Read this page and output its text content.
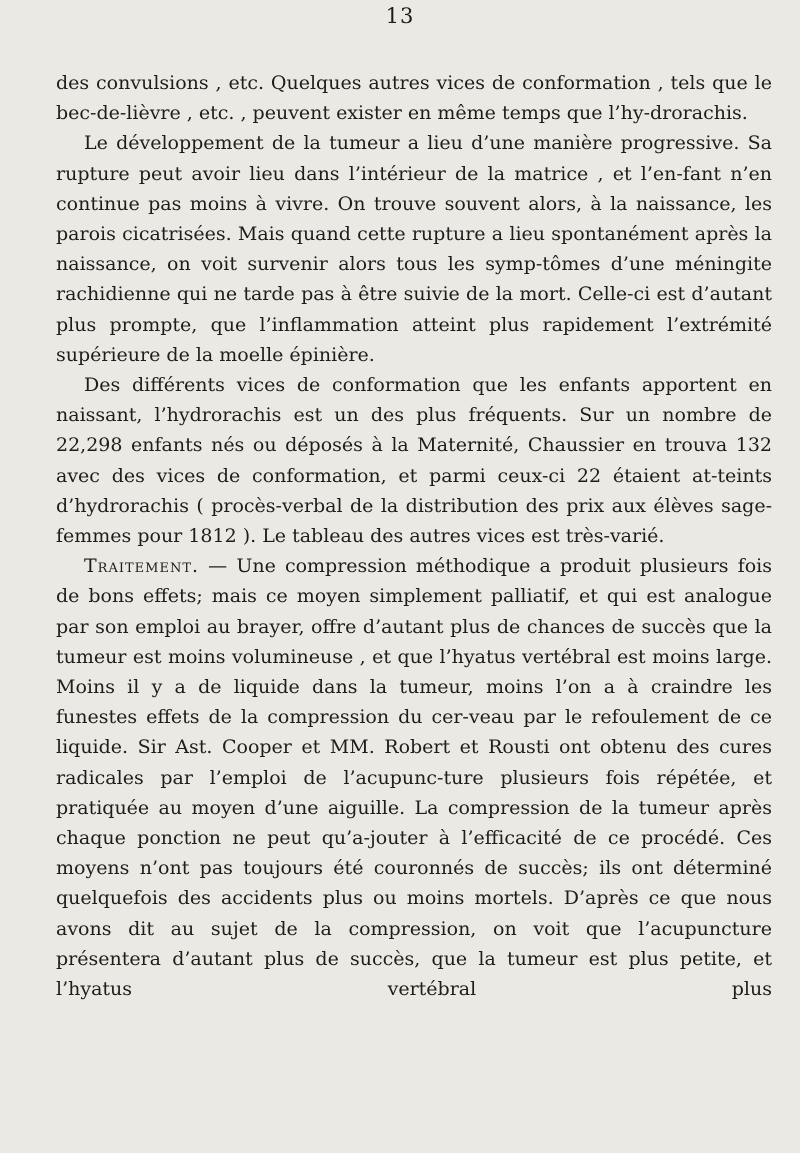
13

des convulsions , etc. Quelques autres vices de conformation , tels que le bec-de-lièvre , etc. , peuvent exister en même temps que l’hy-drorachis.

Le développement de la tumeur a lieu d’une manière progressive. Sa rupture peut avoir lieu dans l’intérieur de la matrice , et l’en-fant n’en continue pas moins à vivre. On trouve souvent alors, à la naissance, les parois cicatrisées. Mais quand cette rupture a lieu spontanément après la naissance, on voit survenir alors tous les symp-tômes d’une méningite rachidienne qui ne tarde pas à être suivie de la mort. Celle-ci est d’autant plus prompte, que l’inflammation atteint plus rapidement l’extrémité supérieure de la moelle épinière.

Des différents vices de conformation que les enfants apportent en naissant, l’hydrorachis est un des plus fréquents. Sur un nombre de 22,298 enfants nés ou déposés à la Maternité, Chaussier en trouva 132 avec des vices de conformation, et parmi ceux-ci 22 étaient at-teints d’hydrorachis ( procès-verbal de la distribution des prix aux élèves sage-femmes pour 1812 ). Le tableau des autres vices est très-varié.

Traitement. — Une compression méthodique a produit plusieurs fois de bons effets; mais ce moyen simplement palliatif, et qui est analogue par son emploi au brayer, offre d’autant plus de chances de succès que la tumeur est moins volumineuse , et que l’hyatus vertébral est moins large. Moins il y a de liquide dans la tumeur, moins l’on a à craindre les funestes effets de la compression du cer-veau par le refoulement de ce liquide. Sir Ast. Cooper et MM. Robert et Rousti ont obtenu des cures radicales par l’emploi de l’acupunc-ture plusieurs fois répétée, et pratiquée au moyen d’une aiguille. La compression de la tumeur après chaque ponction ne peut qu’a-jouter à l’efficacité de ce procédé. Ces moyens n’ont pas toujours été couronnés de succès; ils ont déterminé quelquefois des accidents plus ou moins mortels. D’après ce que nous avons dit au sujet de la compression, on voit que l’acupuncture présentera d’autant plus de succès, que la tumeur est plus petite, et l’hyatus vertébral plus
